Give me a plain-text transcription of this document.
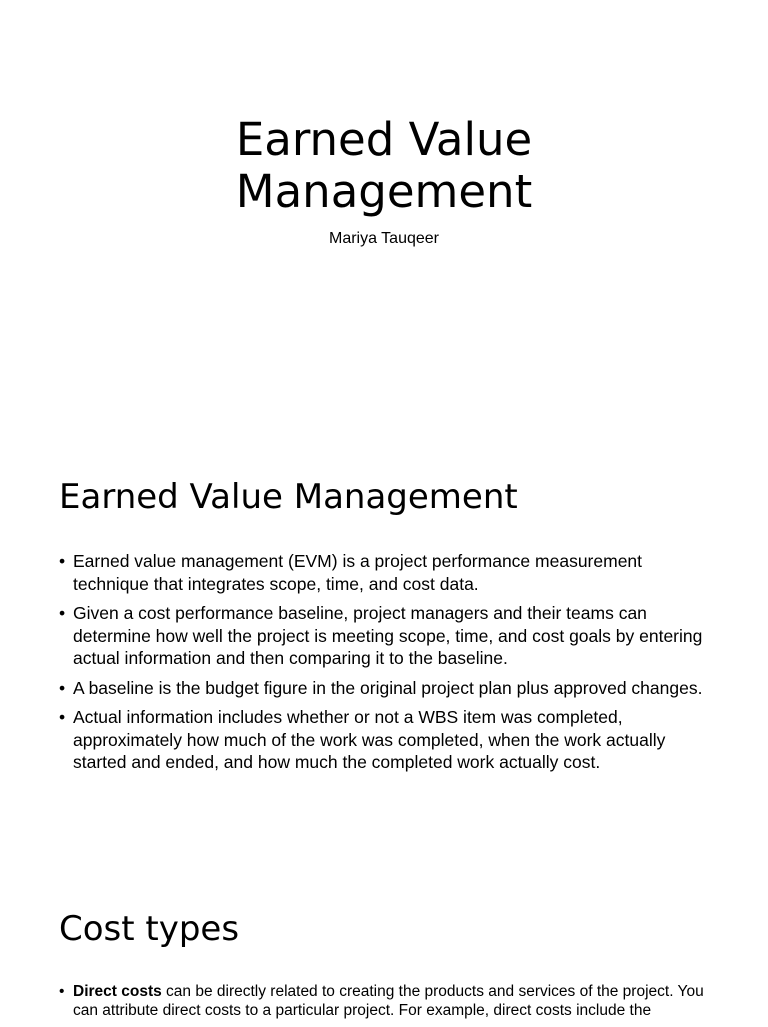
Earned Value
Management
Mariya Tauqeer
Earned Value Management
• Earned value management (EVM) is a project performance measurement technique that integrates scope, time, and cost data.
• Given a cost performance baseline, project managers and their teams can determine how well the project is meeting scope, time, and cost goals by entering actual information and then comparing it to the baseline.
• A baseline is the budget figure in the original project plan plus approved changes.
• Actual information includes whether or not a WBS item was completed, approximately how much of the work was completed, when the work actually started and ended, and how much the completed work actually cost.
Cost types
• Direct costs can be directly related to creating the products and services of the project. You can attribute direct costs to a particular project. For example, direct costs include the
